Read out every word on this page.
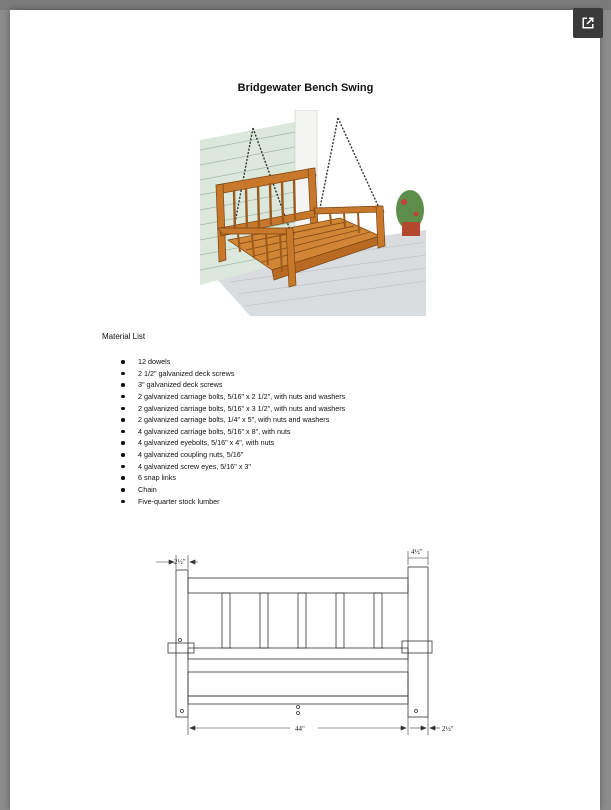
Bridgewater Bench Swing
Material List
12 dowels
2 1/2" galvanized deck screws
3" galvanized deck screws
2 galvanized carriage bolts, 5/16" x 2 1/2", with nuts and washers
2 galvanized carriage bolts, 5/16" x 3 1/2", with nuts and washers
2 galvanized carriage bolts, 1/4" x 5", with nuts and washers
4 galvanized carriage bolts, 5/16" x 8", with nuts
4 galvanized eyebolts, 5/16" x 4", with nuts
4 galvanized coupling nuts, 5/16"
4 galvanized screw eyes, 5/16" x 3"
6 snap links
Chain
Five-quarter stock lumber
2½"
4½"
44"	2½"
